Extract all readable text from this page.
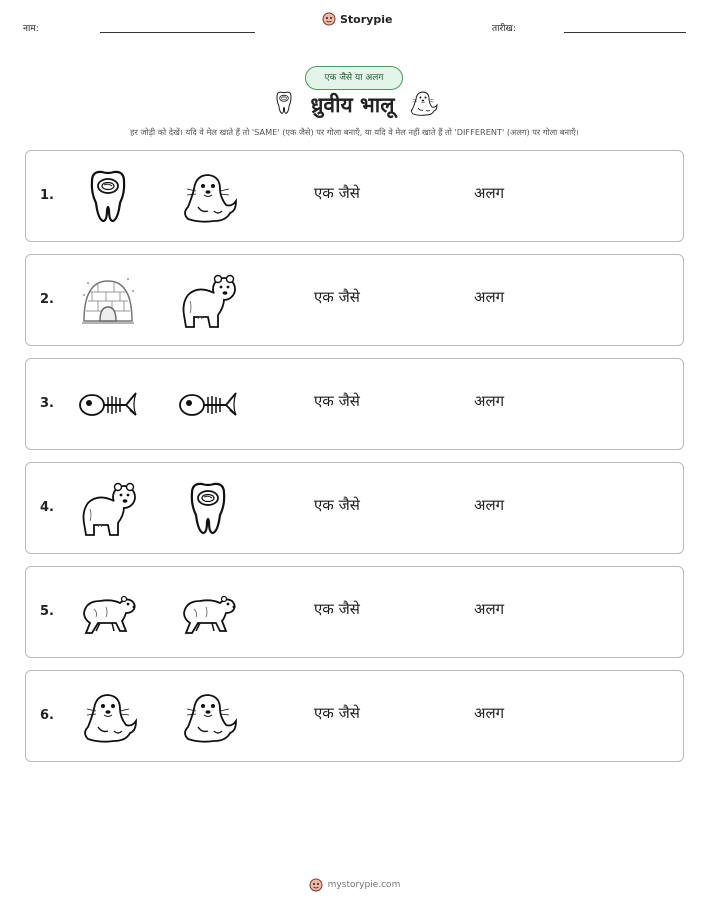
नाम:
Storypie
तारीख:
एक जैसे या अलग
ध्रुवीय भालू
हर जोड़ी को देखें। यदि वे मेल खाते हैं तो 'SAME' (एक जैसे) पर गोला बनाएँ, या यदि वे मेल नहीं खाते हैं तो 'DIFFERENT' (अलग) पर गोला बनाएँ।
1.	एक जैसे	अलग
2.	एक जैसे	अलग
3.	एक जैसे	अलग
4.	एक जैसे	अलग
5.	एक जैसे	अलग
6.	एक जैसे	अलग
mystorypie.com
